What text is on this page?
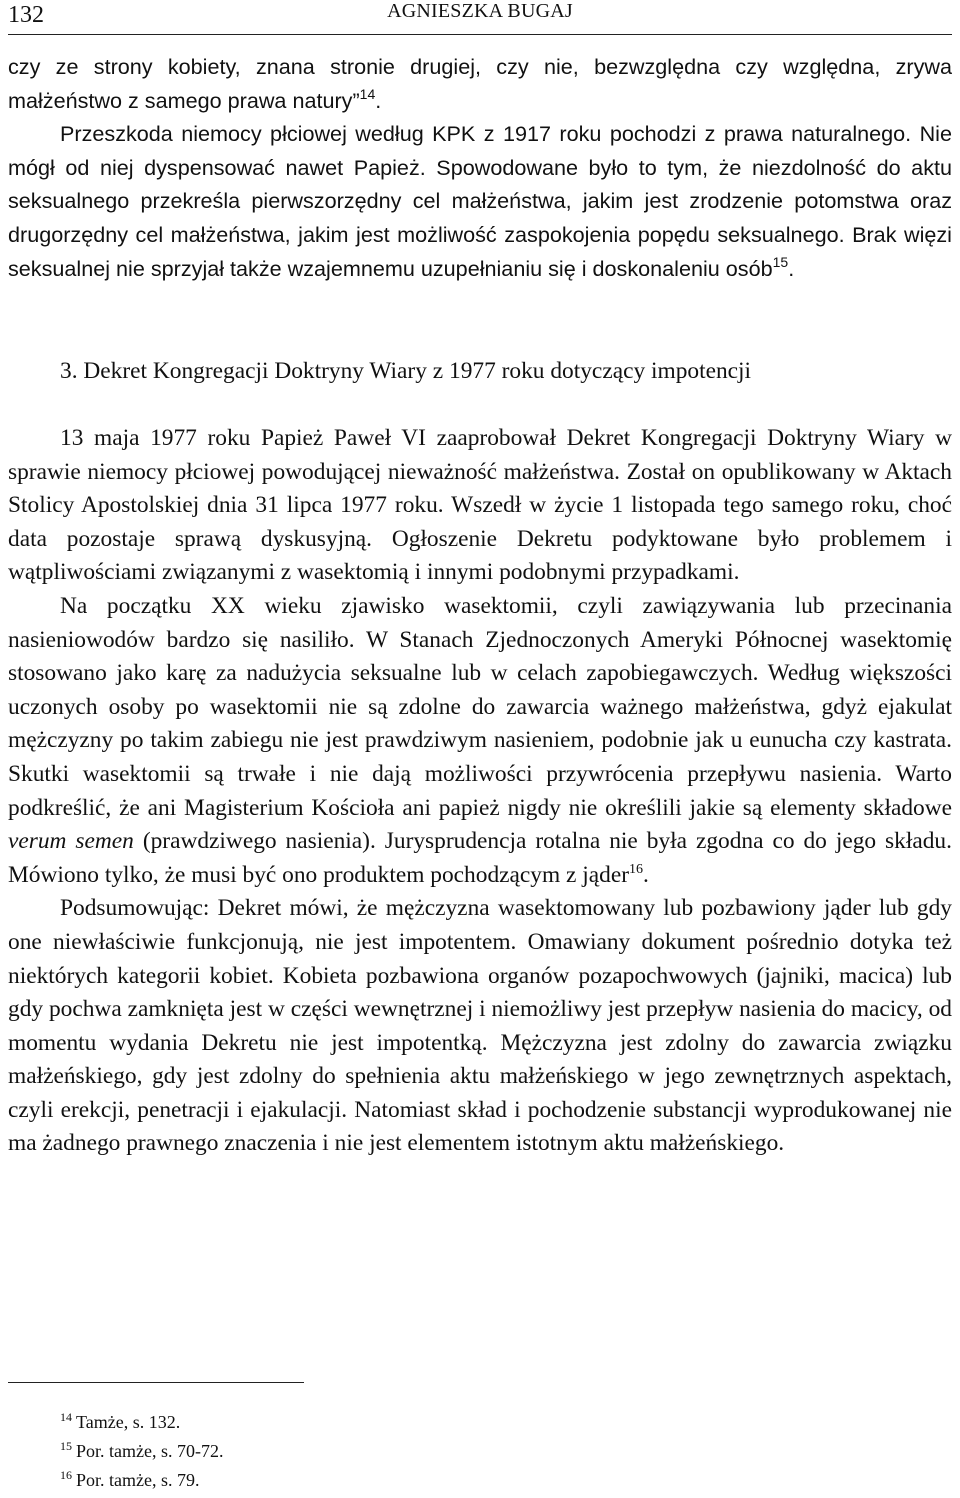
132	AGNIESZKA BUGAJ

czy ze strony kobiety, znana stronie drugiej, czy nie, bezwzględna czy względna, zrywa małżeństwo z samego prawa natury”$^{14}$.

Przeszkoda niemocy płciowej według KPK z 1917 roku pochodzi z prawa naturalnego. Nie mógł od niej dyspensować nawet Papież. Spowodowane było to tym, że niezdolność do aktu seksualnego przekreśla pierwszorzędny cel małżeństwa, jakim jest zrodzenie potomstwa oraz drugorzędny cel małżeństwa, jakim jest możliwość zaspokojenia popędu seksualnego. Brak więzi seksualnej nie sprzyjał także wzajemnemu uzupełnianiu się i doskonaleniu osób$^{15}$.

3. Dekret Kongregacji Doktryny Wiary z 1977 roku dotyczący impotencji

13 maja 1977 roku Papież Paweł VI zaaprobował Dekret Kongregacji Doktryny Wiary w sprawie niemocy płciowej powodującej nieważność małżeństwa. Został on opublikowany w Aktach Stolicy Apostolskiej dnia 31 lipca 1977 roku. Wszedł w życie 1 listopada tego samego roku, choć data pozostaje sprawą dyskusyjną. Ogłoszenie Dekretu podyktowane było problemem i wątpliwościami związanymi z wasektomią i innymi podobnymi przypadkami.

Na początku XX wieku zjawisko wasektomii, czyli zawiązywania lub przecinania nasieniowodów bardzo się nasiliło. W Stanach Zjednoczonych Ameryki Północnej wasektomię stosowano jako karę za nadużycia seksualne lub w celach zapobiegawczych. Według większości uczonych osoby po wasektomii nie są zdolne do zawarcia ważnego małżeństwa, gdyż ejakulat mężczyzny po takim zabiegu nie jest prawdziwym nasieniem, podobnie jak u eunucha czy kastrata. Skutki wasektomii są trwałe i nie dają możliwości przywrócenia przepływu nasienia. Warto podkreślić, że ani Magisterium Kościoła ani papież nigdy nie określili jakie są elementy składowe verum semen (prawdziwego nasienia). Jurysprudencja rotalna nie była zgodna co do jego składu. Mówiono tylko, że musi być ono produktem pochodzącym z jąder$^{16}$.

Podsumowując: Dekret mówi, że mężczyzna wasektomowany lub pozbawiony jąder lub gdy one niewłaściwie funkcjonują, nie jest impotentem. Omawiany dokument pośrednio dotyka też niektórych kategorii kobiet. Kobieta pozbawiona organów pozapochwowych (jajniki, macica) lub gdy pochwa zamknięta jest w części wewnętrznej i niemożliwy jest przepływ nasienia do macicy, od momentu wydania Dekretu nie jest impotentką. Mężczyzna jest zdolny do zawarcia związku małżeńskiego, gdy jest zdolny do spełnienia aktu małżeńskiego w jego zewnętrznych aspektach, czyli erekcji, penetracji i ejakulacji. Natomiast skład i pochodzenie substancji wyprodukowanej nie ma żadnego prawnego znaczenia i nie jest elementem istotnym aktu małżeńskiego.

$^{14}$ Tamże, s. 132.
$^{15}$ Por. tamże, s. 70-72.
$^{16}$ Por. tamże, s. 79.
